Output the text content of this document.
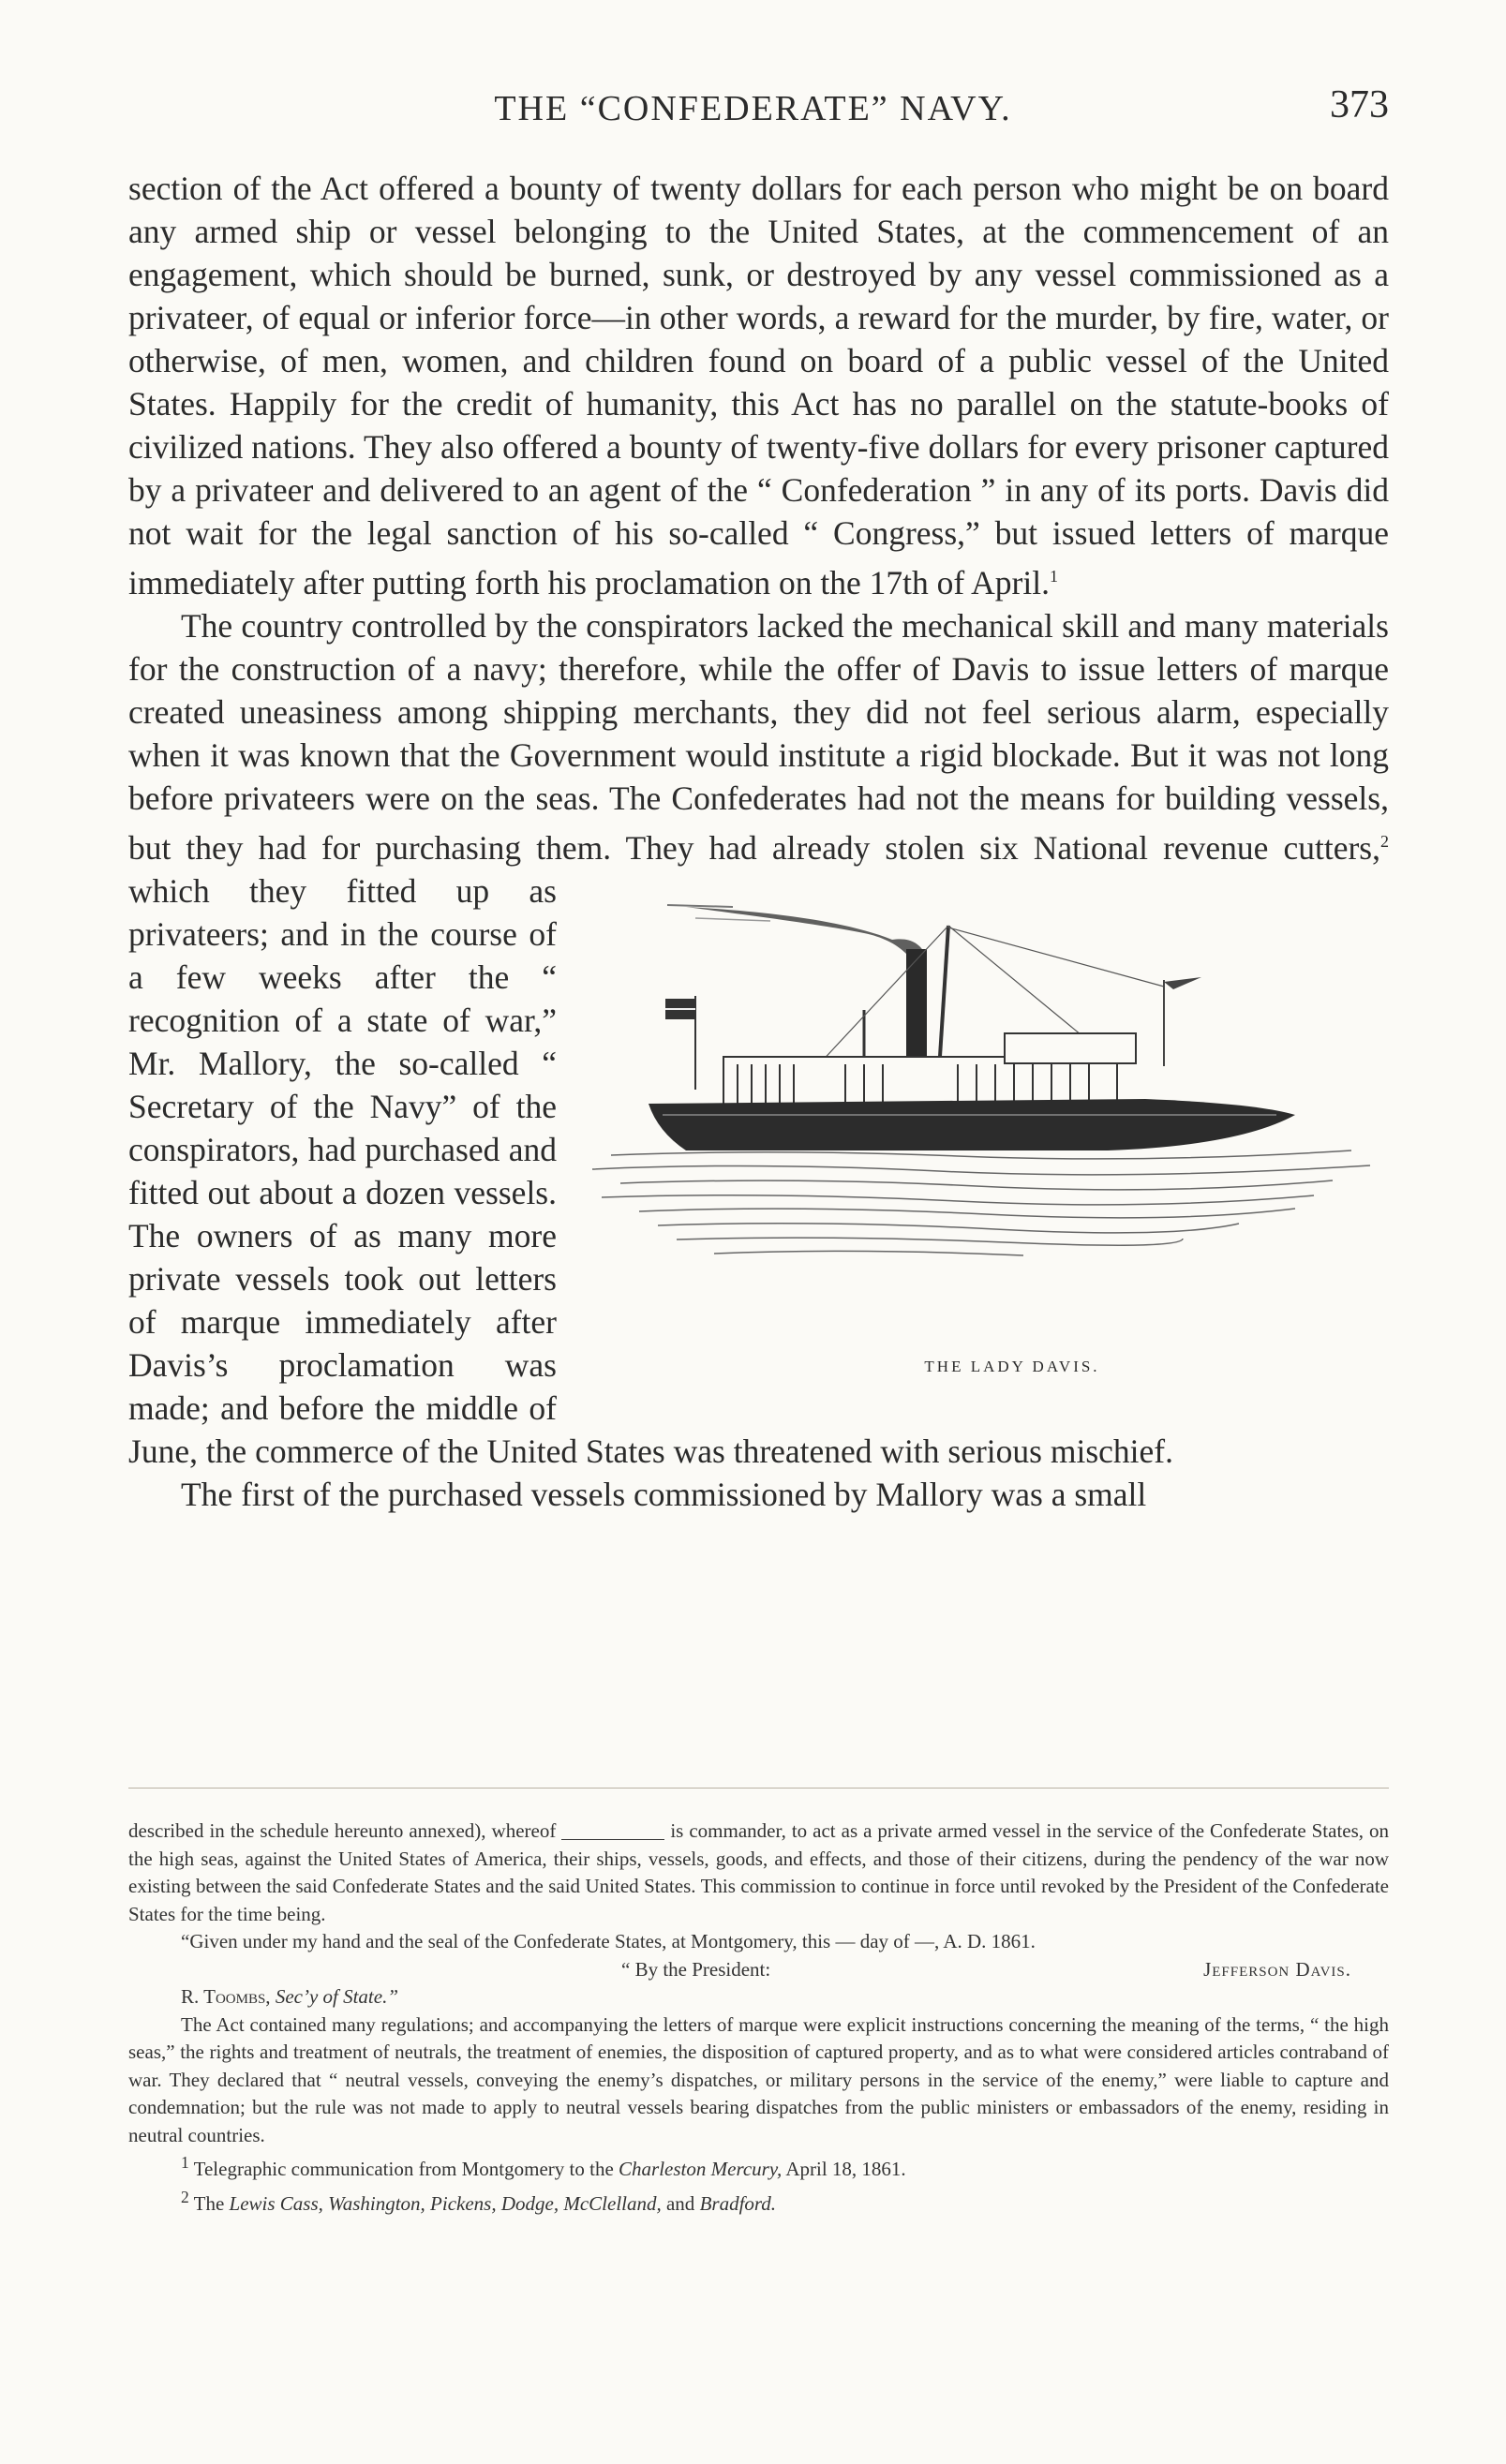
THE “CONFEDERATE” NAVY.	373

section of the Act offered a bounty of twenty dollars for each person who might be on board any armed ship or vessel belonging to the United States, at the commencement of an engagement, which should be burned, sunk, or destroyed by any vessel commissioned as a privateer, of equal or inferior force—in other words, a reward for the murder, by fire, water, or otherwise, of men, women, and children found on board of a public vessel of the United States. Happily for the credit of humanity, this Act has no parallel on the statute-books of civilized nations. They also offered a bounty of twenty-five dollars for every prisoner captured by a privateer and delivered to an agent of the “ Confederation ” in any of its ports. Davis did not wait for the legal sanction of his so-called “ Congress,” but issued letters of marque immediately after putting forth his proclamation on the 17th of April.$^1$

The country controlled by the conspirators lacked the mechanical skill and many materials for the construction of a navy; therefore, while the offer of Davis to issue letters of marque created uneasiness among shipping merchants, they did not feel serious alarm, especially when it was known that the Government would institute a rigid blockade. But it was not long before privateers were on the seas. The Confederates had not the means for building vessels, but they had for purchasing them. They had already stolen six National revenue cutters,$^2$
THE LADY DAVIS.
which they fitted up as privateers; and in the course of a few weeks after the “ recognition of a state of war,” Mr. Mallory, the so-called “ Secretary of the Navy” of the conspirators, had purchased and fitted out about a dozen vessels. The owners of as many more private vessels took out letters of marque immediately after Davis’s proclamation was made; and before the middle of June, the commerce of the United States was threatened with serious mischief.

The first of the purchased vessels commissioned by Mallory was a small

described in the schedule hereunto annexed), whereof	is commander, to act as a private armed vessel in the service of the Confederate States, on the high seas, against the United States of America, their ships, vessels, goods, and effects, and those of their citizens, during the pendency of the war now existing between the said Confederate States and the said United States. This commission to continue in force until revoked by the President of the Confederate States for the time being.

“Given under my hand and the seal of the Confederate States, at Montgomery, this — day of —, A. D. 1861.

“ By the President:	Jefferson Davis.

R. Toombs, Sec’y of State.”

The Act contained many regulations; and accompanying the letters of marque were explicit instructions concerning the meaning of the terms, “ the high seas,” the rights and treatment of neutrals, the treatment of enemies, the disposition of captured property, and as to what were considered articles contraband of war. They declared that “ neutral vessels, conveying the enemy’s dispatches, or military persons in the service of the enemy,” were liable to capture and condemnation; but the rule was not made to apply to neutral vessels bearing dispatches from the public ministers or embassadors of the enemy, residing in neutral countries.

$^1$ Telegraphic communication from Montgomery to the Charleston Mercury, April 18, 1861.

$^2$ The Lewis Cass, Washington, Pickens, Dodge, McClelland, and Bradford.
